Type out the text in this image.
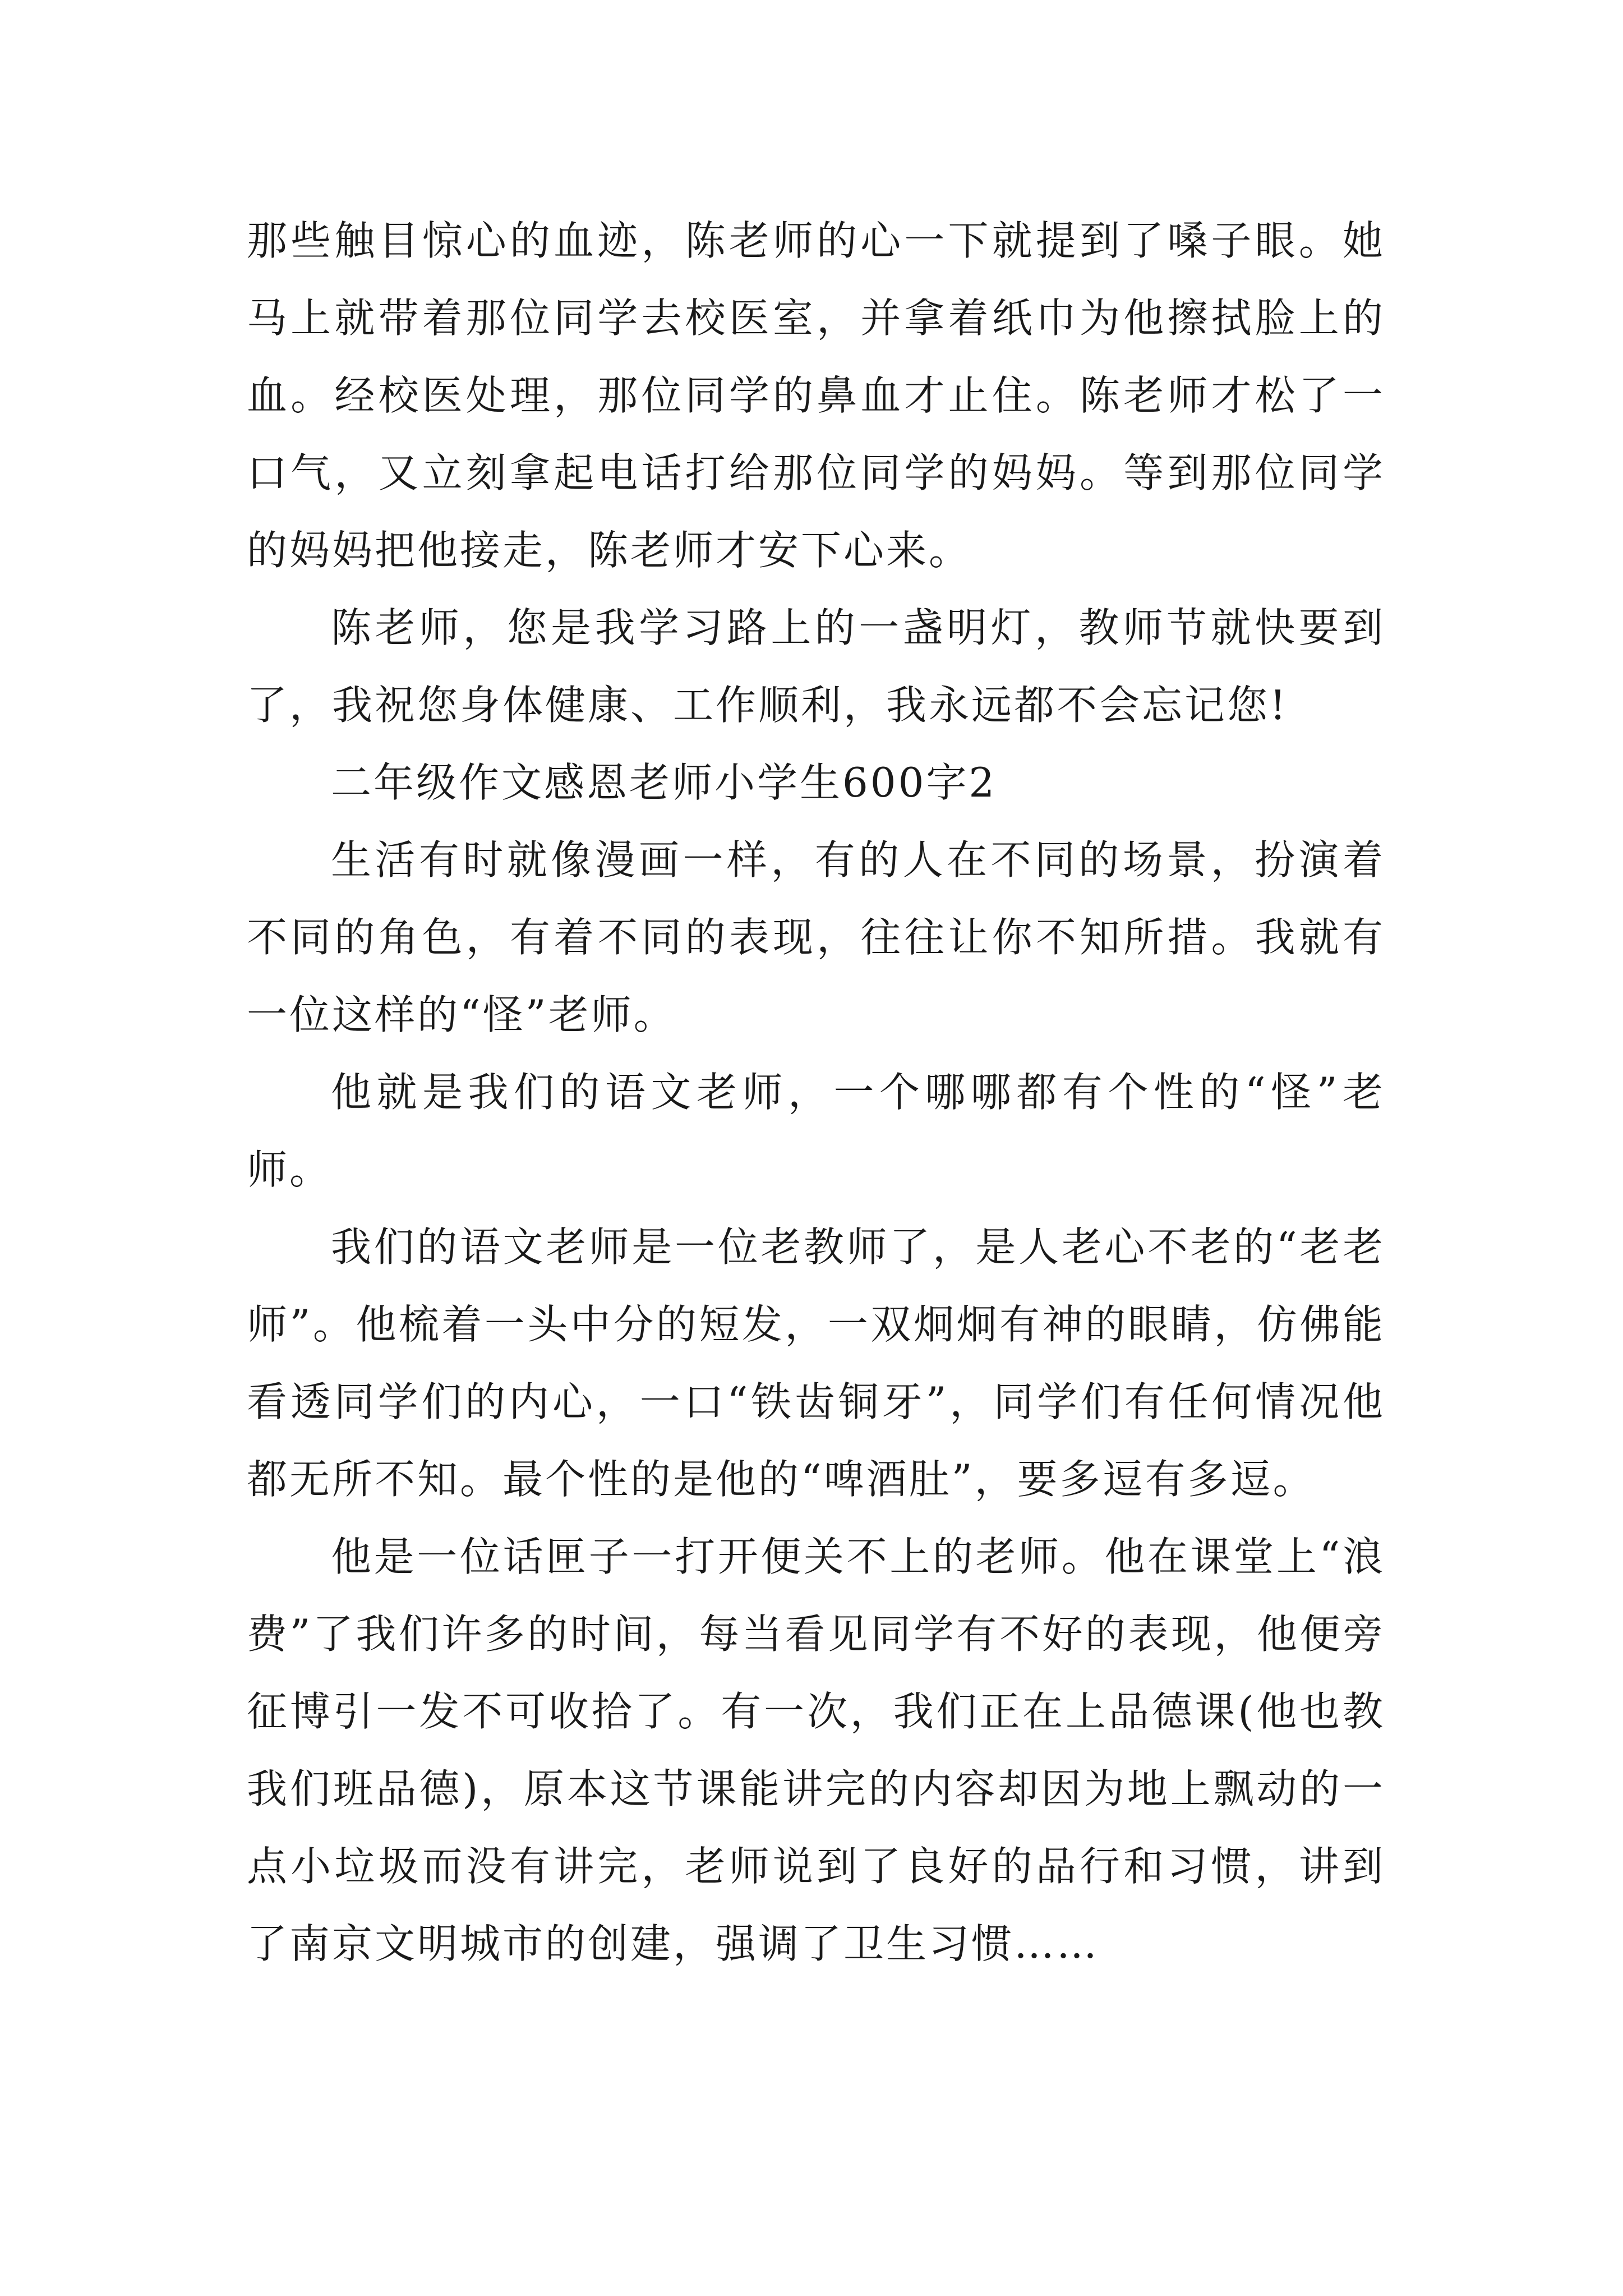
那些触目惊心的血迹，陈老师的心一下就提到了嗓子眼。她马上就带着那位同学去校医室，并拿着纸巾为他擦拭脸上的血。经校医处理，那位同学的鼻血才止住。陈老师才松了一口气，又立刻拿起电话打给那位同学的妈妈。等到那位同学的妈妈把他接走，陈老师才安下心来。

陈老师，您是我学习路上的一盏明灯，教师节就快要到了，我祝您身体健康、工作顺利，我永远都不会忘记您!

二年级作文感恩老师小学生600字2

生活有时就像漫画一样，有的人在不同的场景，扮演着不同的角色，有着不同的表现，往往让你不知所措。我就有一位这样的“怪”老师。

他就是我们的语文老师，一个哪哪都有个性的“怪”老师。

我们的语文老师是一位老教师了，是人老心不老的“老老师”。他梳着一头中分的短发，一双炯炯有神的眼睛，仿佛能看透同学们的内心，一口“铁齿铜牙”，同学们有任何情况他都无所不知。最个性的是他的“啤酒肚”，要多逗有多逗。

他是一位话匣子一打开便关不上的老师。他在课堂上“浪费”了我们许多的时间，每当看见同学有不好的表现，他便旁征博引一发不可收拾了。有一次，我们正在上品德课(他也教我们班品德)，原本这节课能讲完的内容却因为地上飘动的一点小垃圾而没有讲完，老师说到了良好的品行和习惯，讲到了南京文明城市的创建，强调了卫生习惯……
